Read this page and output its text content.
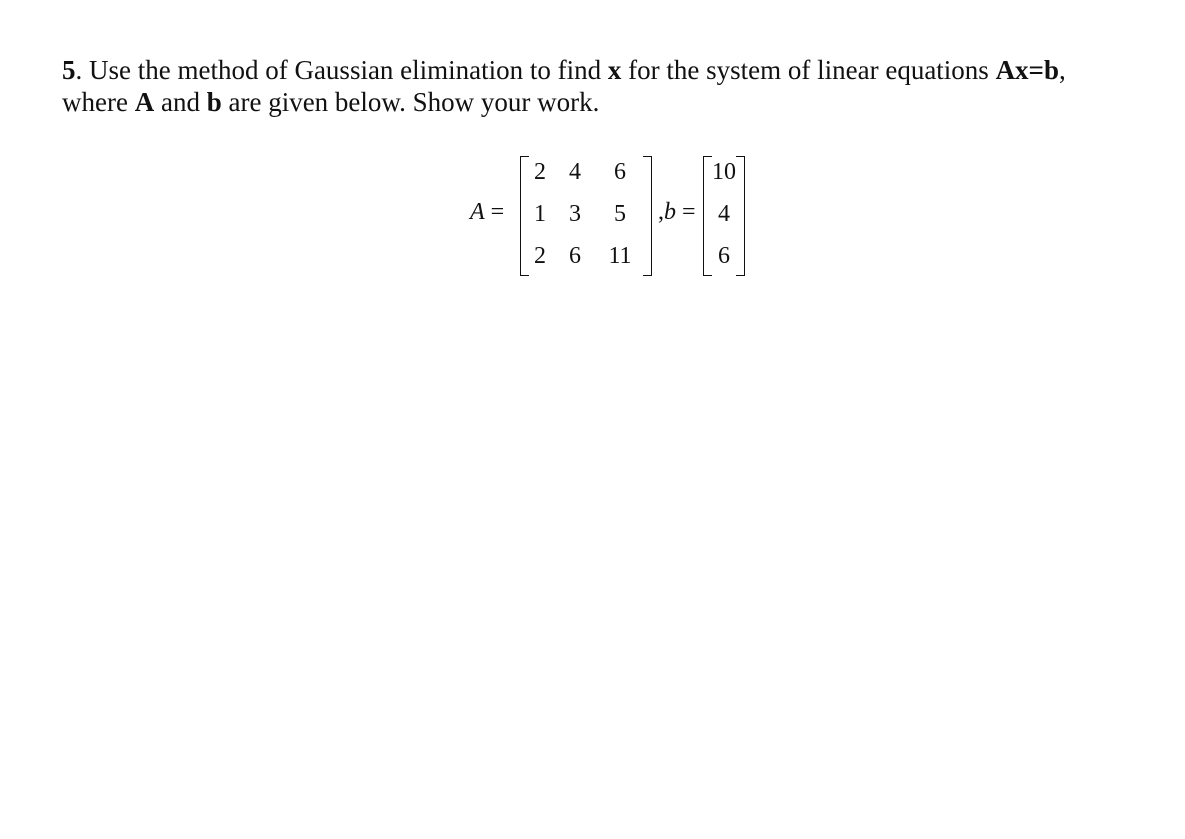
5. Use the method of Gaussian elimination to find x for the system of linear equations Ax=b,
where A and b are given below. Show your work.
A =
2 4	6
1 3	5
2 6	11
,b =
10
4
6
